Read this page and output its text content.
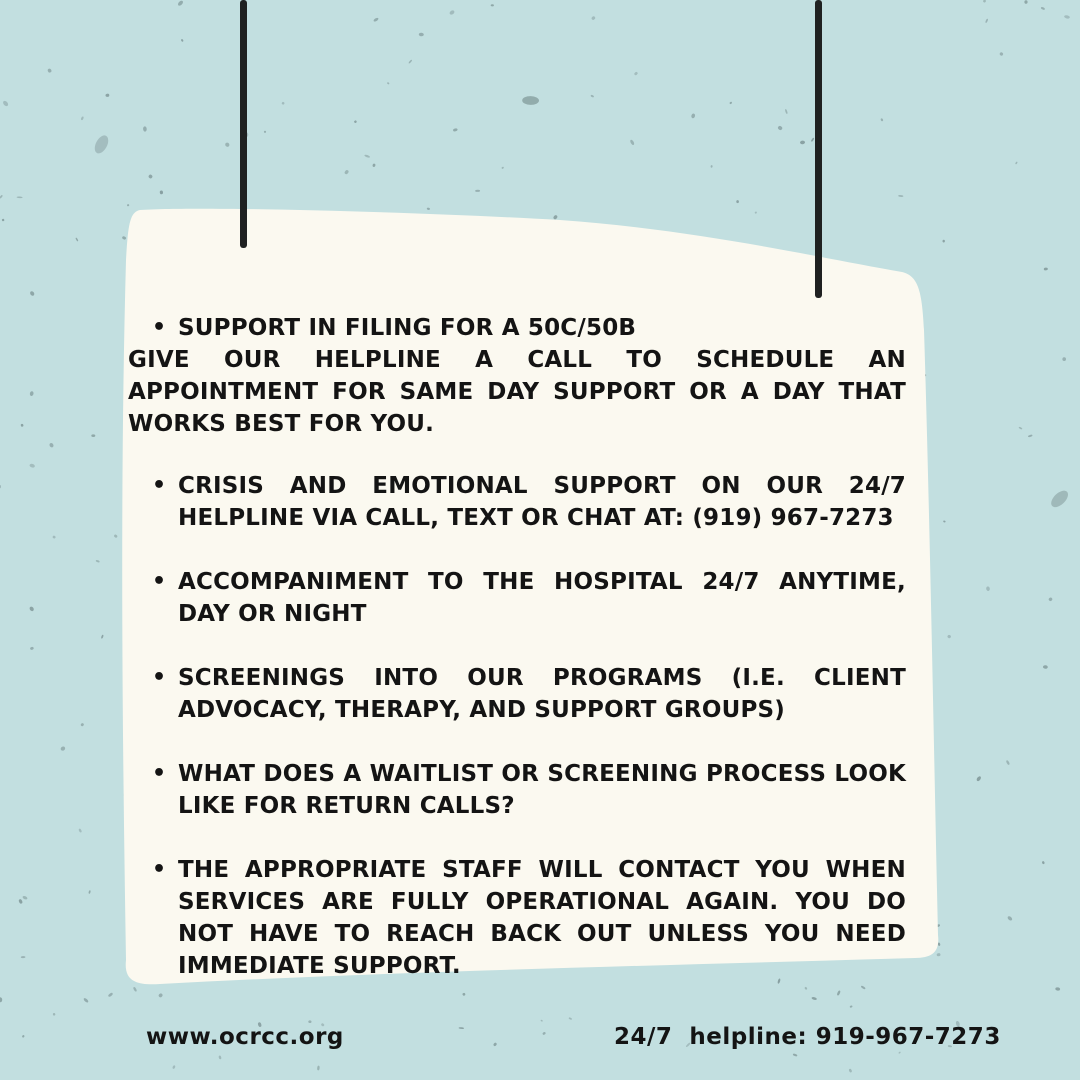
• SUPPORT IN FILING FOR A 50C/50B

GIVE OUR HELPLINE A CALL TO SCHEDULE AN APPOINTMENT FOR SAME DAY SUPPORT OR A DAY THAT WORKS BEST FOR YOU.

• CRISIS AND EMOTIONAL SUPPORT ON OUR 24/7 HELPLINE VIA CALL, TEXT OR CHAT AT: (919) 967-7273
• ACCOMPANIMENT TO THE HOSPITAL 24/7 ANYTIME, DAY OR NIGHT
• SCREENINGS INTO OUR PROGRAMS (I.E. CLIENT ADVOCACY, THERAPY, AND SUPPORT GROUPS)
• WHAT DOES A WAITLIST OR SCREENING PROCESS LOOK LIKE FOR RETURN CALLS?
• THE APPROPRIATE STAFF WILL CONTACT YOU WHEN SERVICES ARE FULLY OPERATIONAL AGAIN. YOU DO NOT HAVE TO REACH BACK OUT UNLESS YOU NEED IMMEDIATE SUPPORT.
www.ocrcc.org	24/7  helpline: 919-967-7273
